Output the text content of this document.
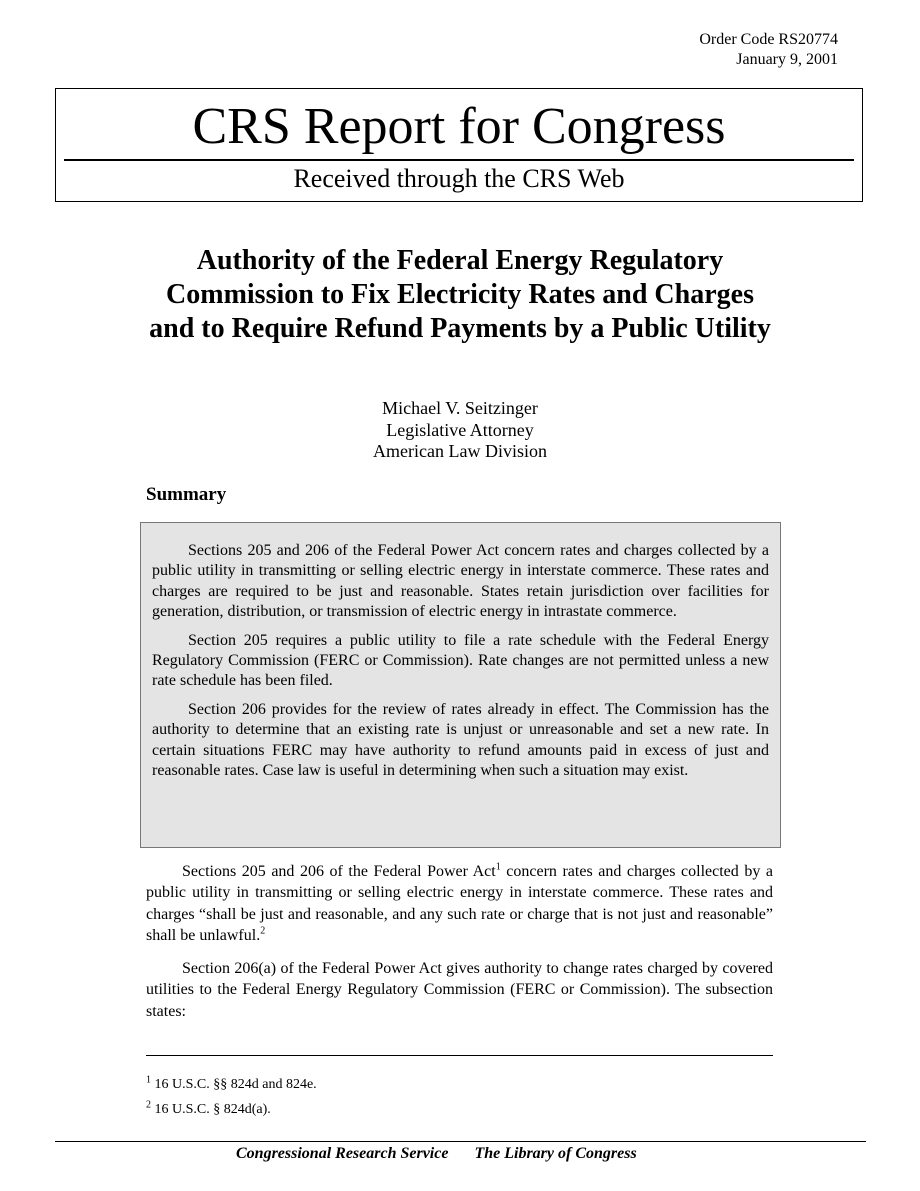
Order Code RS20774
January 9, 2001
CRS Report for Congress
Received through the CRS Web
Authority of the Federal Energy Regulatory Commission to Fix Electricity Rates and Charges and to Require Refund Payments by a Public Utility
Michael V. Seitzinger
Legislative Attorney
American Law Division
Summary

Sections 205 and 206 of the Federal Power Act concern rates and charges collected by a public utility in transmitting or selling electric energy in interstate commerce. These rates and charges are required to be just and reasonable. States retain jurisdiction over facilities for generation, distribution, or transmission of electric energy in intrastate commerce.

Section 205 requires a public utility to file a rate schedule with the Federal Energy Regulatory Commission (FERC or Commission). Rate changes are not permitted unless a new rate schedule has been filed.

Section 206 provides for the review of rates already in effect. The Commission has the authority to determine that an existing rate is unjust or unreasonable and set a new rate. In certain situations FERC may have authority to refund amounts paid in excess of just and reasonable rates. Case law is useful in determining when such a situation may exist.

Sections 205 and 206 of the Federal Power Act$^1$ concern rates and charges collected by a public utility in transmitting or selling electric energy in interstate commerce. These rates and charges “shall be just and reasonable, and any such rate or charge that is not just and reasonable” shall be unlawful.$^2$

Section 206(a) of the Federal Power Act gives authority to change rates charged by covered utilities to the Federal Energy Regulatory Commission (FERC or Commission). The subsection states:

$^1$ 16 U.S.C. §§ 824d and 824e.
$^2$ 16 U.S.C. § 824d(a).
Congressional Research Service The Library of Congress
